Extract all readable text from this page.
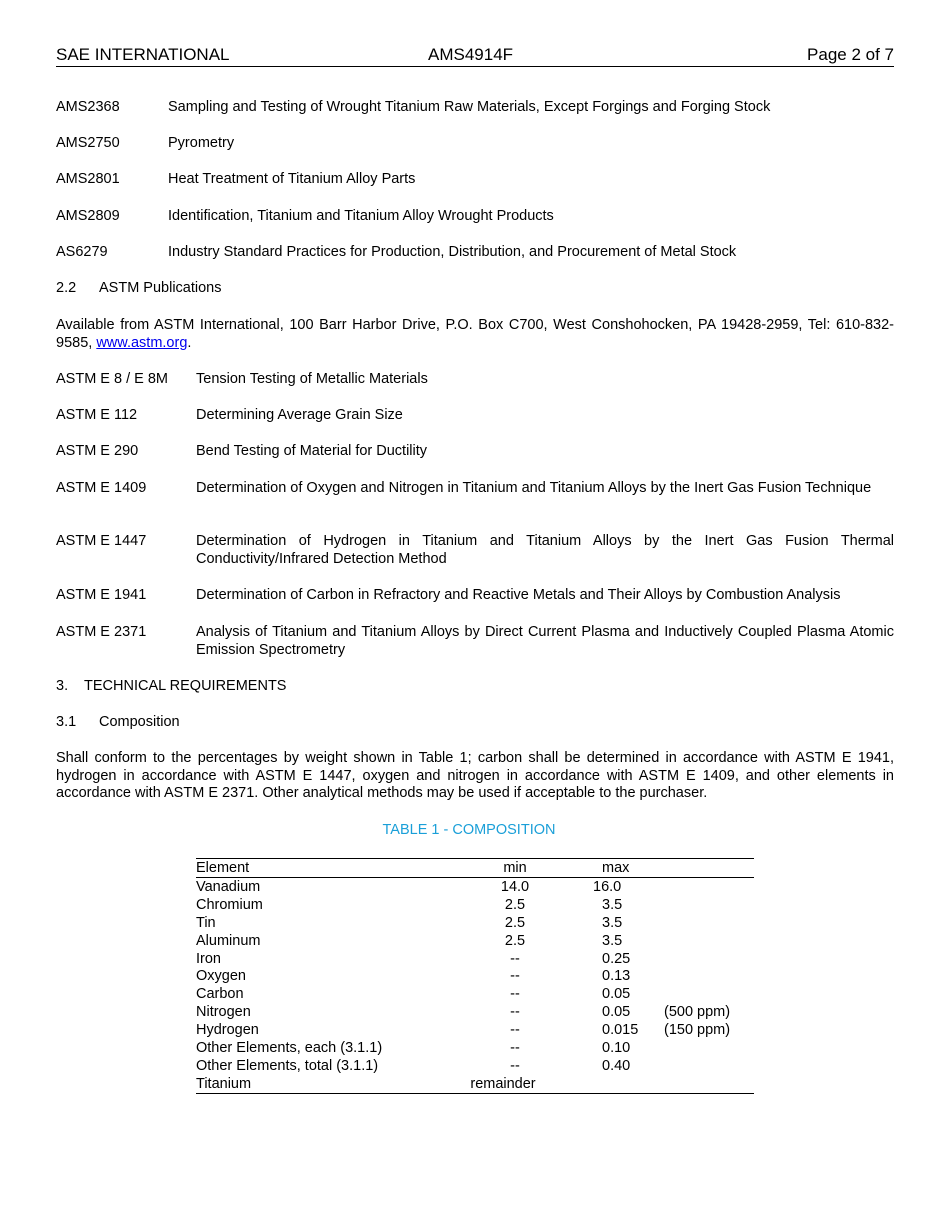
SAE INTERNATIONAL	AMS4914F	Page 2 of 7
AMS2368	Sampling and Testing of Wrought Titanium Raw Materials, Except Forgings and Forging Stock
AMS2750	Pyrometry
AMS2801	Heat Treatment of Titanium Alloy Parts
AMS2809	Identification, Titanium and Titanium Alloy Wrought Products
AS6279	Industry Standard Practices for Production, Distribution, and Procurement of Metal Stock
2.2 ASTM Publications
Available from ASTM International, 100 Barr Harbor Drive, P.O. Box C700, West Conshohocken, PA 19428-2959, Tel: 610-832-9585, www.astm.org.
ASTM E 8 / E 8M Tension Testing of Metallic Materials
ASTM E 112	Determining Average Grain Size
ASTM E 290	Bend Testing of Material for Ductility
ASTM E 1409	Determination of Oxygen and Nitrogen in Titanium and Titanium Alloys by the Inert Gas Fusion Technique
ASTM E 1447	Determination of Hydrogen in Titanium and Titanium Alloys by the Inert Gas Fusion Thermal Conductivity/Infrared Detection Method
ASTM E 1941	Determination of Carbon in Refractory and Reactive Metals and Their Alloys by Combustion Analysis
ASTM E 2371	Analysis of Titanium and Titanium Alloys by Direct Current Plasma and Inductively Coupled Plasma Atomic Emission Spectrometry
3. TECHNICAL REQUIREMENTS
3.1 Composition
Shall conform to the percentages by weight shown in Table 1; carbon shall be determined in accordance with ASTM E 1941, hydrogen in accordance with ASTM E 1447, oxygen and nitrogen in accordance with ASTM E 1409, and other elements in accordance with ASTM E 2371. Other analytical methods may be used if acceptable to the purchaser.
TABLE 1 - COMPOSITION
Element	min	max
Vanadium	14.0	16.0
Chromium	2.5	3.5
Tin	2.5	3.5
Aluminum	2.5	3.5
Iron	--	0.25
Oxygen	--	0.13
Carbon	--	0.05
Nitrogen	--	0.05 (500 ppm)
Hydrogen	--	0.015 (150 ppm)
Other Elements, each (3.1.1)	--	0.10
Other Elements, total (3.1.1)	--	0.40
Titanium	remainder
